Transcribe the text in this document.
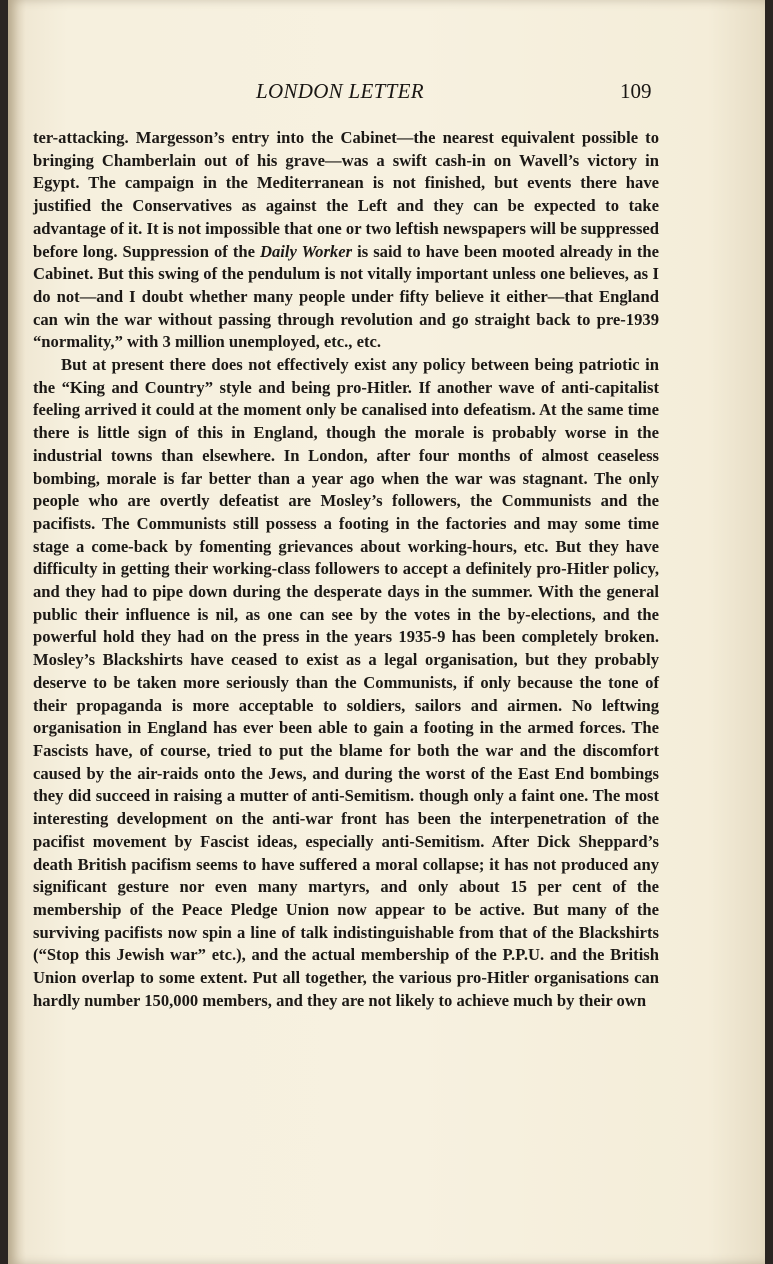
LONDON LETTER	109

ter-attacking. Margesson’s entry into the Cabinet—the nearest equivalent possible to bringing Chamberlain out of his grave—was a swift cash-in on Wavell’s victory in Egypt. The campaign in the Mediterranean is not finished, but events there have justified the Conservatives as against the Left and they can be expected to take advantage of it. It is not impossible that one or two leftish newspapers will be suppressed before long. Suppression of the Daily Worker is said to have been mooted already in the Cabinet. But this swing of the pendulum is not vitally important unless one believes, as I do not—and I doubt whether many people under fifty believe it either—that England can win the war without passing through revolution and go straight back to pre-1939 “normality,” with 3 million unemployed, etc., etc.

But at present there does not effectively exist any policy between being patriotic in the “King and Country” style and being pro-Hitler. If another wave of anti-capitalist feeling arrived it could at the moment only be canalised into defeatism. At the same time there is little sign of this in England, though the morale is probably worse in the industrial towns than elsewhere. In London, after four months of almost ceaseless bombing, morale is far better than a year ago when the war was stagnant. The only people who are overtly defeatist are Mosley’s followers, the Communists and the pacifists. The Communists still possess a footing in the factories and may some time stage a come-back by fomenting grievances about working-hours, etc. But they have difficulty in getting their working-class followers to accept a definitely pro-Hitler policy, and they had to pipe down during the desperate days in the summer. With the general public their influence is nil, as one can see by the votes in the by-elections, and the powerful hold they had on the press in the years 1935-9 has been completely broken. Mosley’s Blackshirts have ceased to exist as a legal organisation, but they probably deserve to be taken more seriously than the Communists, if only because the tone of their propaganda is more acceptable to soldiers, sailors and airmen. No leftwing organisation in England has ever been able to gain a footing in the armed forces. The Fascists have, of course, tried to put the blame for both the war and the discomfort caused by the air-raids onto the Jews, and during the worst of the East End bombings they did succeed in raising a mutter of anti-Semitism. though only a faint one. The most interesting development on the anti-war front has been the interpenetration of the pacifist movement by Fascist ideas, especially anti-Semitism. After Dick Sheppard’s death British pacifism seems to have suffered a moral collapse; it has not produced any significant gesture nor even many martyrs, and only about 15 per cent of the membership of the Peace Pledge Union now appear to be active. But many of the surviving pacifists now spin a line of talk indistinguishable from that of the Blackshirts (“Stop this Jewish war” etc.), and the actual membership of the P.P.U. and the British Union overlap to some extent. Put all together, the various pro-Hitler organisations can hardly number 150,000 members, and they are not likely to achieve much by their own
